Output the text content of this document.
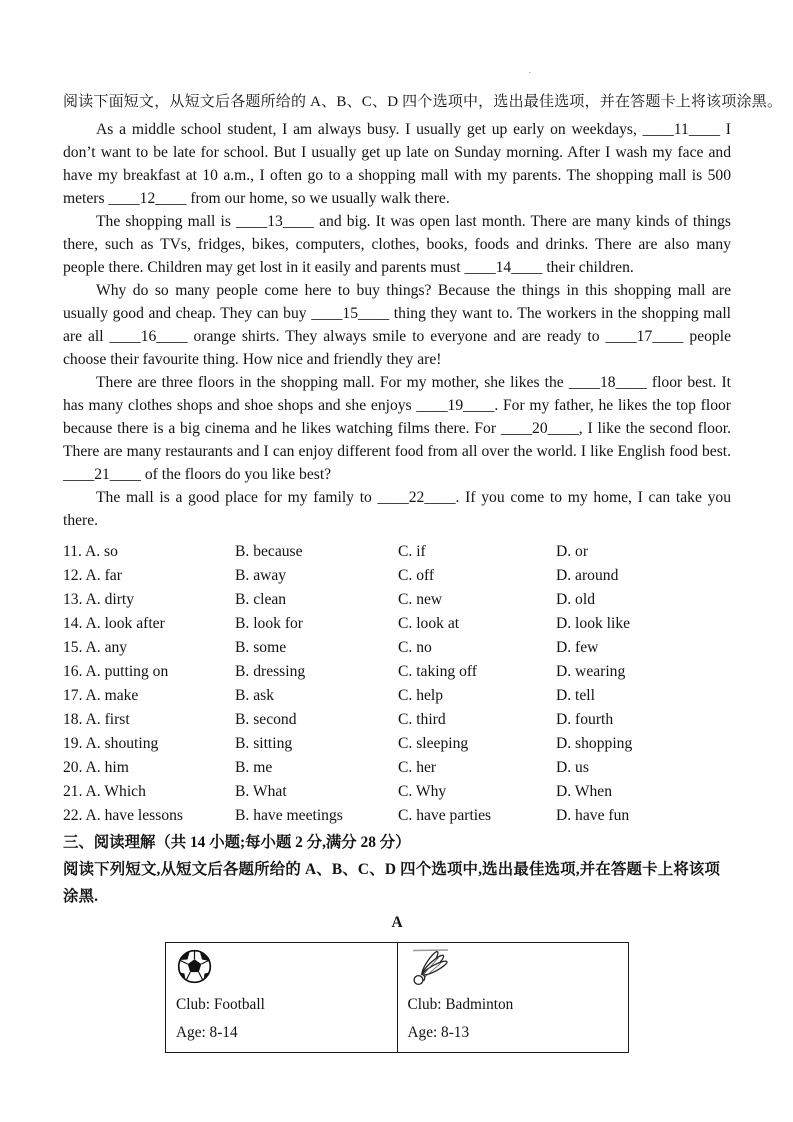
·

阅读下面短文，从短文后各题所给的 A、B、C、D 四个选项中，选出最佳选项，并在答题卡上将该项涂黑。

As a middle school student, I am always busy. I usually get up early on weekdays, ____11____ I don’t want to be late for school. But I usually get up late on Sunday morning. After I wash my face and have my breakfast at 10 a.m., I often go to a shopping mall with my parents. The shopping mall is 500 meters ____12____ from our home, so we usually walk there.

The shopping mall is ____13____ and big. It was open last month. There are many kinds of things there, such as TVs, fridges, bikes, computers, clothes, books, foods and drinks. There are also many people there. Children may get lost in it easily and parents must ____14____ their children.

Why do so many people come here to buy things? Because the things in this shopping mall are usually good and cheap. They can buy ____15____ thing they want to. The workers in the shopping mall are all ____16____ orange shirts. They always smile to everyone and are ready to ____17____ people choose their favourite thing. How nice and friendly they are!

There are three floors in the shopping mall. For my mother, she likes the ____18____ floor best. It has many clothes shops and shoe shops and she enjoys ____19____. For my father, he likes the top floor because there is a big cinema and he likes watching films there. For ____20____, I like the second floor. There are many restaurants and I can enjoy different food from all over the world. I like English food best. ____21____ of the floors do you like best?

The mall is a good place for my family to ____22____. If you come to my home, I can take you there.

11. A. so	B. because	C. if	D. or
12. A. far	B. away	C. off	D. around
13. A. dirty	B. clean	C. new	D. old
14. A. look after	B. look for	C. look at	D. look like
15. A. any	B. some	C. no	D. few
16. A. putting on	B. dressing	C. taking off	D. wearing
17. A. make	B. ask	C. help	D. tell
18. A. first	B. second	C. third	D. fourth
19. A. shouting	B. sitting	C. sleeping	D. shopping
20. A. him	B. me	C. her	D. us
21. A. Which	B. What	C. Why	D. When
22. A. have lessons	B. have meetings	C. have parties	D. have fun

三、阅读理解（共 14 小题;每小题 2 分,满分 28 分）

阅读下列短文,从短文后各题所给的 A、B、C、D 四个选项中,选出最佳选项,并在答题卡上将该项涂黑.

A

Club: Football
Age: 8-14

Club: Badminton
Age: 8-13
